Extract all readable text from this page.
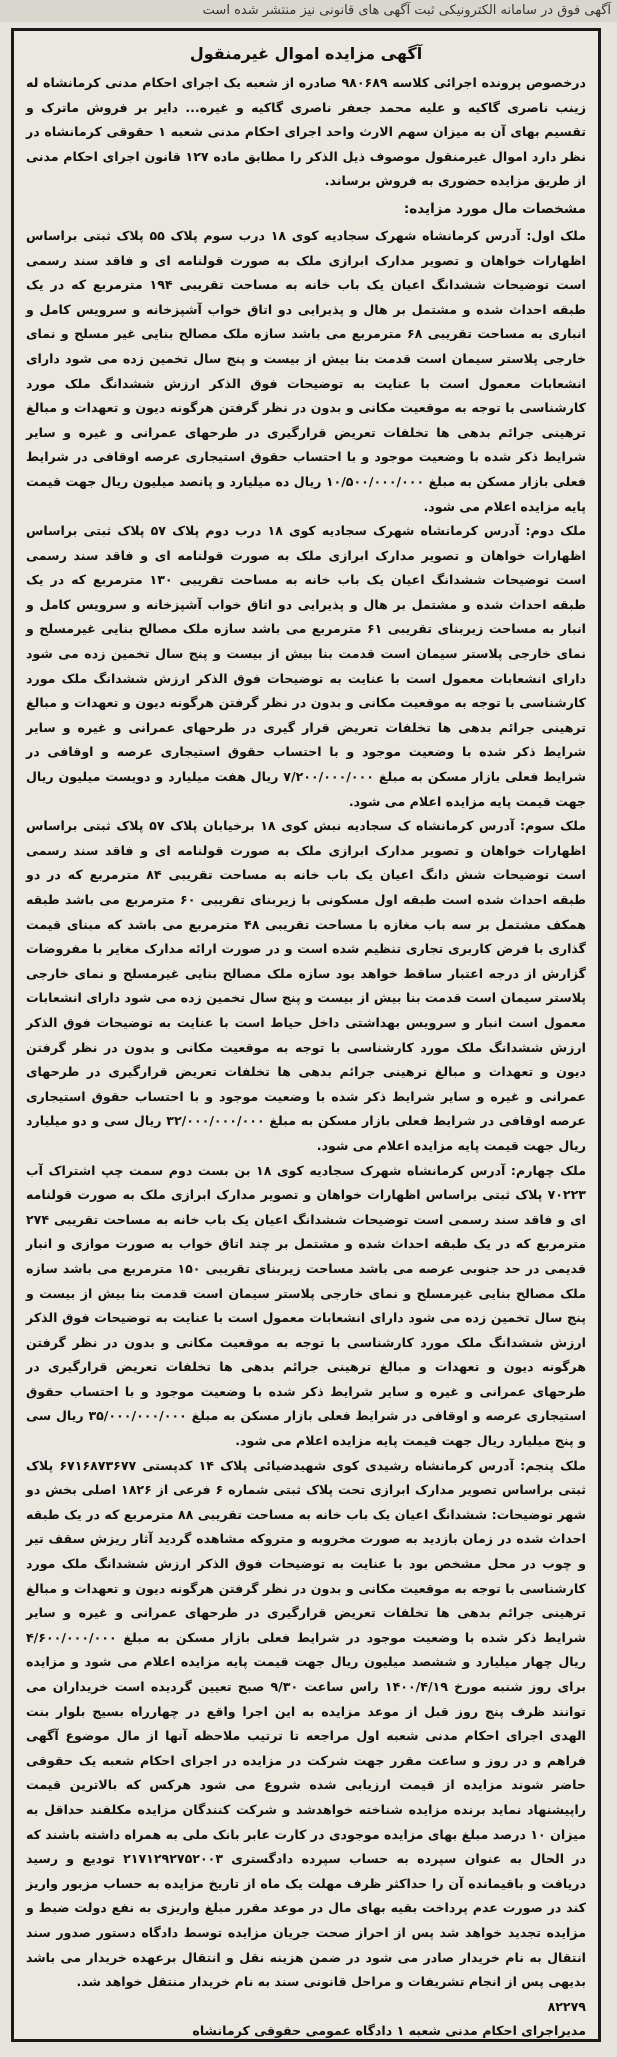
آگهی فوق در سامانه الکترونیکی ثبت آگهی های قانونی نیز منتشر شده است
آگهی مزایده اموال غیرمنقول

درخصوص پرونده اجرائی کلاسه ۹۸۰۶۸۹ صادره از شعبه یک اجرای احکام مدنی کرمانشاه له زینب ناصری گاکیه و علیه محمد جعفر ناصری گاکیه و غیره... دایر بر فروش ماترک و تقسیم بهای آن به میزان سهم الارث واحد اجرای احکام مدنی شعبه ۱ حقوقی کرمانشاه در نظر دارد اموال غیرمنقول موصوف ذیل الذکر را مطابق ماده ۱۲۷ قانون اجرای احکام مدنی از طریق مزایده حضوری به فروش برساند.

مشخصات مال مورد مزایده:

ملک اول: آدرس کرمانشاه شهرک سجادیه کوی ۱۸ درب سوم پلاک ۵۵ پلاک ثبتی براساس اظهارات خواهان و تصویر مدارک ابرازی ملک به صورت قولنامه ای و فاقد سند رسمی است توضیحات ششدانگ اعیان یک باب خانه به مساحت تقریبی ۱۹۴ مترمربع که در یک طبقه احداث شده و مشتمل بر هال و پذیرایی دو اتاق خواب آشپزخانه و سرویس کامل و انباری به مساحت تقریبی ۶۸ مترمربع می باشد سازه ملک مصالح بنایی غیر مسلح و نمای خارجی پلاستر سیمان است قدمت بنا بیش از بیست و پنج سال تخمین زده می شود دارای انشعابات معمول است با عنایت به توضیحات فوق الذکر ارزش ششدانگ ملک مورد کارشناسی با توجه به موقعیت مکانی و بدون در نظر گرفتن هرگونه دیون و تعهدات و مبالغ ترهینی جرائم بدهی ها تخلفات تعریض قرارگیری در طرحهای عمرانی و غیره و سایر شرایط ذکر شده با وضعیت موجود و با احتساب حقوق استیجاری عرصه اوقافی در شرایط فعلی بازار مسکن به مبلغ ۱۰/۵۰۰/۰۰۰/۰۰۰ ریال ده میلیارد و پانصد میلیون ریال جهت قیمت پایه مزایده اعلام می شود.

ملک دوم: آدرس کرمانشاه شهرک سجادیه کوی ۱۸ درب دوم پلاک ۵۷ پلاک ثبتی براساس اظهارات خواهان و تصویر مدارک ابرازی ملک به صورت قولنامه ای و فاقد سند رسمی است توضیحات ششدانگ اعیان یک باب خانه به مساحت تقریبی ۱۳۰ مترمربع که در یک طبقه احداث شده و مشتمل بر هال و پذیرایی دو اتاق خواب آشپزخانه و سرویس کامل و انبار به مساحت زیربنای تقریبی ۶۱ مترمربع می باشد سازه ملک مصالح بنایی غیرمسلح و نمای خارجی پلاستر سیمان است قدمت بنا بیش از بیست و پنج سال تخمین زده می شود دارای انشعابات معمول است با عنایت به توضیحات فوق الذکر ارزش ششدانگ ملک مورد کارشناسی با توجه به موقعیت مکانی و بدون در نظر گرفتن هرگونه دیون و تعهدات و مبالغ ترهینی جرائم بدهی ها تخلفات تعریض قرار گیری در طرحهای عمرانی و غیره و سایر شرایط ذکر شده با وضعیت موجود و با احتساب حقوق استیجاری عرصه و اوقافی در شرایط فعلی بازار مسکن به مبلغ ۷/۲۰۰/۰۰۰/۰۰۰ ریال هفت میلیارد و دویست میلیون ریال جهت قیمت پایه مزایده اعلام می شود.

ملک سوم: آدرس کرمانشاه ک سجادیه نبش کوی ۱۸ برخیابان پلاک ۵۷ پلاک ثبتی براساس اظهارات خواهان و تصویر مدارک ابرازی ملک به صورت قولنامه ای و فاقد سند رسمی است توضیحات شش دانگ اعیان یک باب خانه به مساحت تقریبی ۸۴ مترمربع که در دو طبقه احداث شده است طبقه اول مسکونی با زیربنای تقریبی ۶۰ مترمربع می باشد طبقه همکف مشتمل بر سه باب مغازه با مساحت تقریبی ۴۸ مترمربع می باشد که مبنای قیمت گذاری با فرض کاربری تجاری تنظیم شده است و در صورت ارائه مدارک مغایر با مفروضات گزارش از درجه اعتبار ساقط خواهد بود سازه ملک مصالح بنایی غیرمسلح و نمای خارجی پلاستر سیمان است قدمت بنا بیش از بیست و پنج سال تخمین زده می شود دارای انشعابات معمول است انبار و سرویس بهداشتی داخل حیاط است با عنایت به توضیحات فوق الذکر ارزش ششدانگ ملک مورد کارشناسی با توجه به موقعیت مکانی و بدون در نظر گرفتن دیون و تعهدات و مبالغ ترهینی جرائم بدهی ها تخلفات تعریض قرارگیری در طرحهای عمرانی و غیره و سایر شرایط ذکر شده با وضعیت موجود و با احتساب حقوق استیجاری عرصه اوقافی در شرایط فعلی بازار مسکن به مبلغ ۳۲/۰۰۰/۰۰۰/۰۰۰ ریال سی و دو میلیارد ریال جهت قیمت پایه مزایده اعلام می شود.

ملک چهارم: آدرس کرمانشاه شهرک سجادیه کوی ۱۸ بن بست دوم سمت چپ اشتراک آب ۷۰۲۲۳ پلاک ثبتی براساس اظهارات خواهان و تصویر مدارک ابرازی ملک به صورت قولنامه ای و فاقد سند رسمی است توضیحات ششدانگ اعیان یک باب خانه به مساحت تقریبی ۲۷۴ مترمربع که در یک طبقه احداث شده و مشتمل بر چند اتاق خواب به صورت موازی و انبار قدیمی در حد جنوبی عرصه می باشد مساحت زیربنای تقریبی ۱۵۰ مترمربع می باشد سازه ملک مصالح بنایی غیرمسلح و نمای خارجی پلاستر سیمان است قدمت بنا بیش از بیست و پنج سال تخمین زده می شود دارای انشعابات معمول است با عنایت به توضیحات فوق الذکر ارزش ششدانگ ملک مورد کارشناسی با توجه به موقعیت مکانی و بدون در نظر گرفتن هرگونه دیون و تعهدات و مبالغ ترهینی جرائم بدهی ها تخلفات تعریض قرارگیری در طرحهای عمرانی و غیره و سایر شرایط ذکر شده با وضعیت موجود و با احتساب حقوق استیجاری عرصه و اوقافی در شرایط فعلی بازار مسکن به مبلغ ۳۵/۰۰۰/۰۰۰/۰۰۰ ریال سی و پنج میلیارد ریال جهت قیمت پایه مزایده اعلام می شود.

ملک پنجم: آدرس کرمانشاه رشیدی کوی شهیدضیائی پلاک ۱۴ کدپستی ۶۷۱۶۸۷۳۶۷۷ پلاک ثبتی براساس تصویر مدارک ابرازی تحت پلاک ثبتی شماره ۶ فرعی از ۱۸۲۶ اصلی بخش دو شهر توضیحات: ششدانگ اعیان یک باب خانه به مساحت تقریبی ۸۸ مترمربع که در یک طبقه احداث شده در زمان بازدید به صورت مخروبه و متروکه مشاهده گردید آثار ریزش سقف تیر و چوب در محل مشخص بود با عنایت به توضیحات فوق الذکر ارزش ششدانگ ملک مورد کارشناسی با توجه به موقعیت مکانی و بدون در نظر گرفتن هرگونه دیون و تعهدات و مبالغ ترهینی جرائم بدهی ها تخلفات تعریض قرارگیری در طرحهای عمرانی و غیره و سایر شرایط ذکر شده با وضعیت موجود در شرایط فعلی بازار مسکن به مبلغ ۴/۶۰۰/۰۰۰/۰۰۰ ریال چهار میلیارد و ششصد میلیون ریال جهت قیمت پایه مزایده اعلام می شود و مزایده برای روز شنبه مورخ ۱۴۰۰/۴/۱۹ راس ساعت ۹/۳۰ صبح تعیین گردیده است خریداران می توانند ظرف پنج روز قبل از موعد مزایده به این اجرا واقع در چهارراه بسیج بلوار بنت الهدی اجرای احکام مدنی شعبه اول مراجعه تا ترتیب ملاحظه آنها از مال موضوع آگهی فراهم و در روز و ساعت مقرر جهت شرکت در مزایده در اجرای احکام شعبه یک حقوقی حاضر شوند مزایده از قیمت ارزیابی شده شروع می شود هرکس که بالاترین قیمت راپیشنهاد نماید برنده مزایده شناخته خواهدشد و شرکت کنندگان مزایده مکلفند حداقل به میزان ۱۰ درصد مبلغ بهای مزایده موجودی در کارت عابر بانک ملی به همراه داشته باشند که در الحال به عنوان سپرده به حساب سپرده دادگستری ۲۱۷۱۲۹۲۷۵۲۰۰۳ تودیع و رسید دریافت و باقیمانده آن را حداکثر ظرف مهلت یک ماه از تاریخ مزایده به حساب مزبور واریز کند در صورت عدم پرداخت بقیه بهای مال در موعد مقرر مبلغ واریزی به نفع دولت ضبط و مزایده تجدید خواهد شد پس از احراز صحت جریان مزایده توسط دادگاه دستور صدور سند انتقال به نام خریدار صادر می شود در ضمن هزینه نقل و انتقال برعهده خریدار می باشد بدیهی پس از انجام تشریفات و مراحل قانونی سند به نام خریدار منتقل خواهد شد.

۸۲۲۷۹

مدیراجرای احکام مدنی شعبه ۱ دادگاه عمومی حقوقی کرمانشاه
